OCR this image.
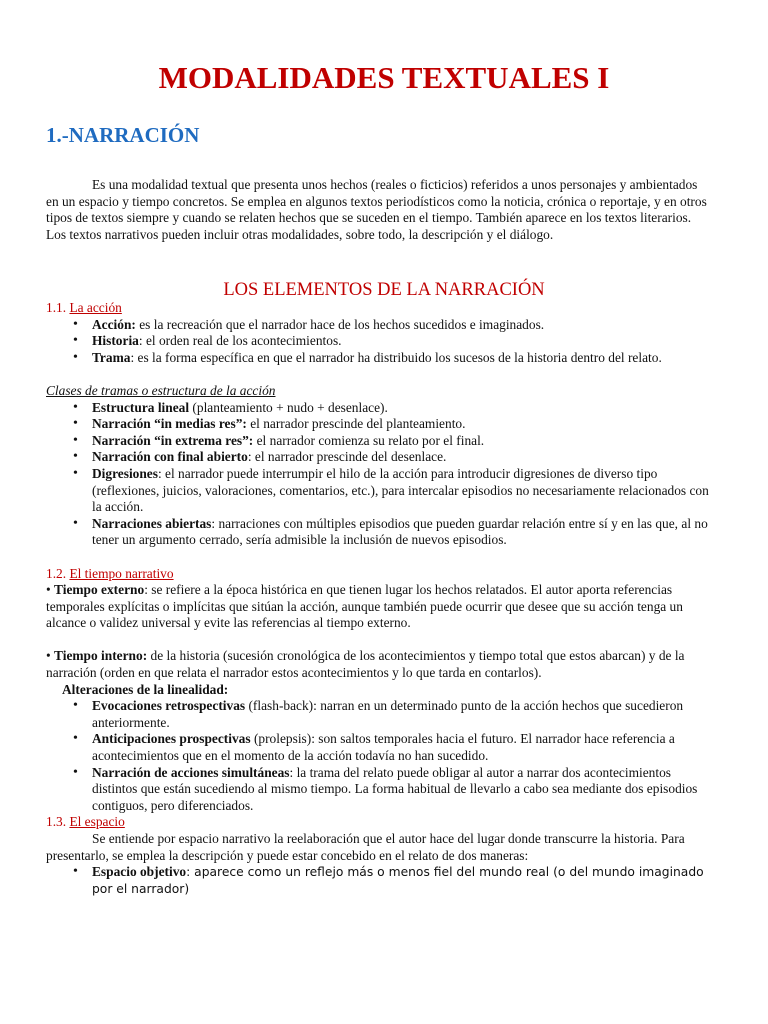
MODALIDADES TEXTUALES I
1.-NARRACIÓN

Es una modalidad textual que presenta unos hechos (reales o ficticios) referidos a unos personajes y ambientados en un espacio y tiempo concretos. Se emplea en algunos textos periodísticos como la noticia, crónica o reportaje, y en otros tipos de textos siempre y cuando se relaten hechos que se suceden en el tiempo. También aparece en los textos literarios. Los textos narrativos pueden incluir otras modalidades, sobre todo, la descripción y el diálogo.

LOS ELEMENTOS DE LA NARRACIÓN

1.1. La acción

• Acción: es la recreación que el narrador hace de los hechos sucedidos e imaginados.
• Historia: el orden real de los acontecimientos.
• Trama: es la forma específica en que el narrador ha distribuido los sucesos de la historia dentro del relato.

Clases de tramas o estructura de la acción

• Estructura lineal (planteamiento + nudo + desenlace).
• Narración “in medias res”: el narrador prescinde del planteamiento.
• Narración “in extrema res”: el narrador comienza su relato por el final.
• Narración con final abierto: el narrador prescinde del desenlace.
• Digresiones: el narrador puede interrumpir el hilo de la acción para introducir digresiones de diverso tipo (reflexiones, juicios, valoraciones, comentarios, etc.), para intercalar episodios no necesariamente relacionados con la acción.
• Narraciones abiertas: narraciones con múltiples episodios que pueden guardar relación entre sí y en las que, al no tener un argumento cerrado, sería admisible la inclusión de nuevos episodios.

1.2. El tiempo narrativo

• Tiempo externo: se refiere a la época histórica en que tienen lugar los hechos relatados. El autor aporta referencias temporales explícitas o implícitas que sitúan la acción, aunque también puede ocurrir que desee que su acción tenga un alcance o validez universal y evite las referencias al tiempo externo.

• Tiempo interno: de la historia (sucesión cronológica de los acontecimientos y tiempo total que estos abarcan) y de la narración (orden en que relata el narrador estos acontecimientos y lo que tarda en contarlos).

Alteraciones de la linealidad:

• Evocaciones retrospectivas (flash-back): narran en un determinado punto de la acción hechos que sucedieron anteriormente.
• Anticipaciones prospectivas (prolepsis): son saltos temporales hacia el futuro. El narrador hace referencia a acontecimientos que en el momento de la acción todavía no han sucedido.
• Narración de acciones simultáneas: la trama del relato puede obligar al autor a narrar dos acontecimientos distintos que están sucediendo al mismo tiempo. La forma habitual de llevarlo a cabo sea mediante dos episodios contiguos, pero diferenciados.

1.3. El espacio

Se entiende por espacio narrativo la reelaboración que el autor hace del lugar donde transcurre la historia. Para presentarlo, se emplea la descripción y puede estar concebido en el relato de dos maneras:

• Espacio objetivo: aparece como un reflejo más o menos fiel del mundo real (o del mundo imaginado por el narrador)
